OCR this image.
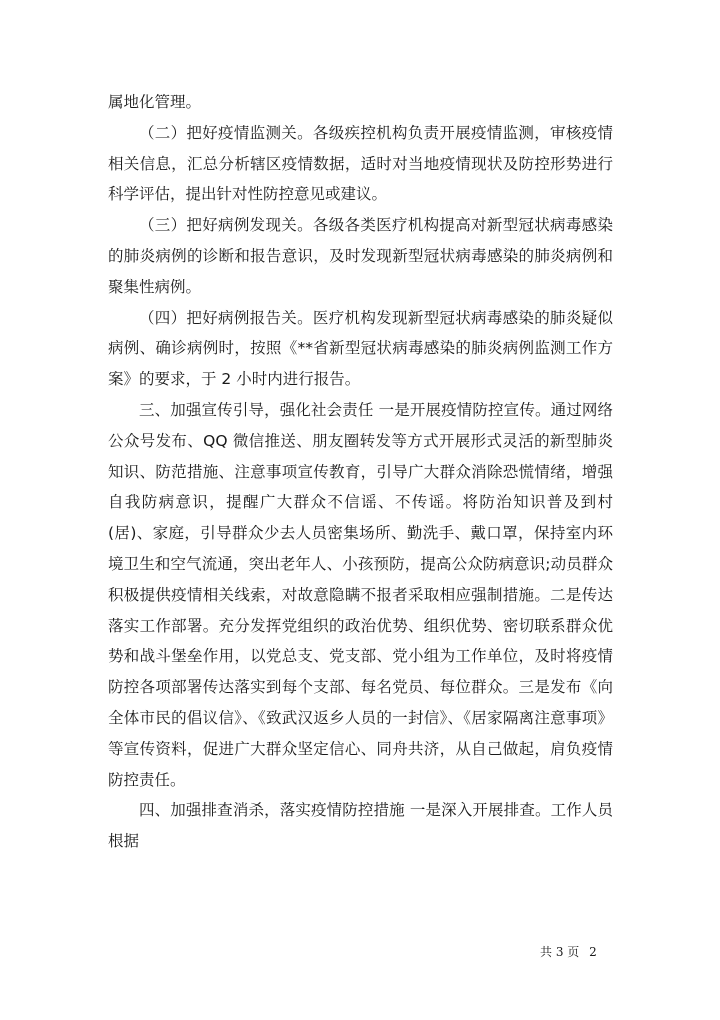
属地化管理。

（二）把好疫情监测关。各级疾控机构负责开展疫情监测，审核疫情相关信息，汇总分析辖区疫情数据，适时对当地疫情现状及防控形势进行科学评估，提出针对性防控意见或建议。

（三）把好病例发现关。各级各类医疗机构提高对新型冠状病毒感染的肺炎病例的诊断和报告意识，及时发现新型冠状病毒感染的肺炎病例和聚集性病例。

（四）把好病例报告关。医疗机构发现新型冠状病毒感染的肺炎疑似病例、确诊病例时，按照《**省新型冠状病毒感染的肺炎病例监测工作方案》的要求，于 2 小时内进行报告。

三、加强宣传引导，强化社会责任 一是开展疫情防控宣传。通过网络公众号发布、QQ 微信推送、朋友圈转发等方式开展形式灵活的新型肺炎知识、防范措施、注意事项宣传教育，引导广大群众消除恐慌情绪，增强自我防病意识，提醒广大群众不信谣、不传谣。将防治知识普及到村(居)、家庭，引导群众少去人员密集场所、勤洗手、戴口罩，保持室内环境卫生和空气流通，突出老年人、小孩预防，提高公众防病意识;动员群众积极提供疫情相关线索，对故意隐瞒不报者采取相应强制措施。二是传达落实工作部署。充分发挥党组织的政治优势、组织优势、密切联系群众优势和战斗堡垒作用，以党总支、党支部、党小组为工作单位，及时将疫情防控各项部署传达落实到每个支部、每名党员、每位群众。三是发布《向全体市民的倡议信》、《致武汉返乡人员的一封信》、《居家隔离注意事项》等宣传资料，促进广大群众坚定信心、同舟共济，从自己做起，肩负疫情防控责任。

四、加强排查消杀，落实疫情防控措施 一是深入开展排查。工作人员根据

共 3 页 2
